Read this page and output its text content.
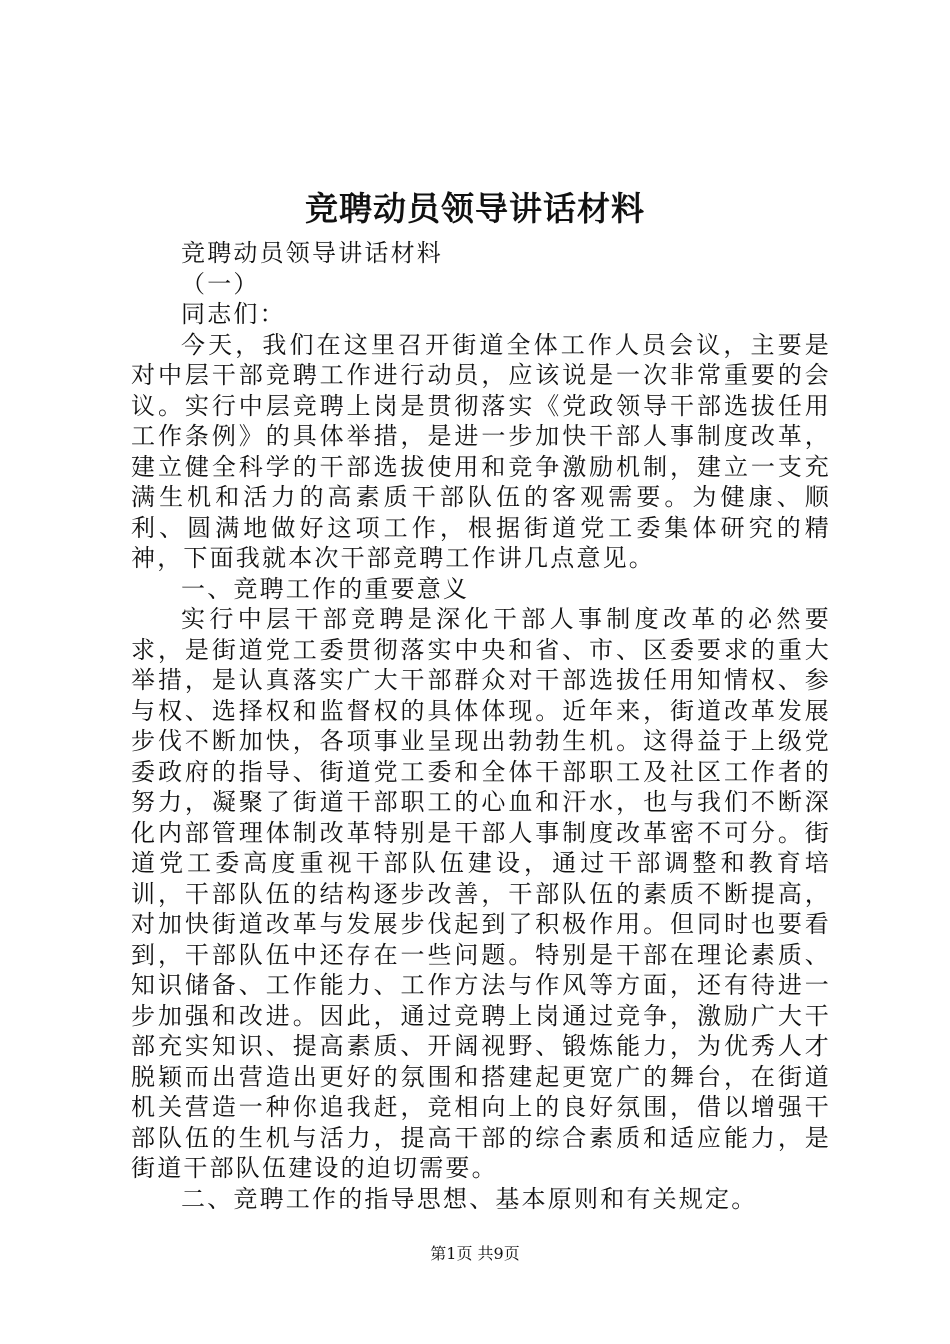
竞聘动员领导讲话材料

竞聘动员领导讲话材料

（一）

同志们：

今天，我们在这里召开街道全体工作人员会议，主要是对中层干部竞聘工作进行动员，应该说是一次非常重要的会议。实行中层竞聘上岗是贯彻落实《党政领导干部选拔任用工作条例》的具体举措，是进一步加快干部人事制度改革，建立健全科学的干部选拔使用和竞争激励机制，建立一支充满生机和活力的高素质干部队伍的客观需要。为健康、顺利、圆满地做好这项工作，根据街道党工委集体研究的精神，下面我就本次干部竞聘工作讲几点意见。

一、竞聘工作的重要意义

实行中层干部竞聘是深化干部人事制度改革的必然要求，是街道党工委贯彻落实中央和省、市、区委要求的重大举措，是认真落实广大干部群众对干部选拔任用知情权、参与权、选择权和监督权的具体体现。近年来，街道改革发展步伐不断加快，各项事业呈现出勃勃生机。这得益于上级党委政府的指导、街道党工委和全体干部职工及社区工作者的努力，凝聚了街道干部职工的心血和汗水，也与我们不断深化内部管理体制改革特别是干部人事制度改革密不可分。街道党工委高度重视干部队伍建设，通过干部调整和教育培训，干部队伍的结构逐步改善，干部队伍的素质不断提高，对加快街道改革与发展步伐起到了积极作用。但同时也要看到，干部队伍中还存在一些问题。特别是干部在理论素质、知识储备、工作能力、工作方法与作风等方面，还有待进一步加强和改进。因此，通过竞聘上岗通过竞争，激励广大干部充实知识、提高素质、开阔视野、锻炼能力，为优秀人才脱颖而出营造出更好的氛围和搭建起更宽广的舞台，在街道机关营造一种你追我赶，竞相向上的良好氛围，借以增强干部队伍的生机与活力，提高干部的综合素质和适应能力，是街道干部队伍建设的迫切需要。

二、竞聘工作的指导思想、基本原则和有关规定。

第1页 共9页
